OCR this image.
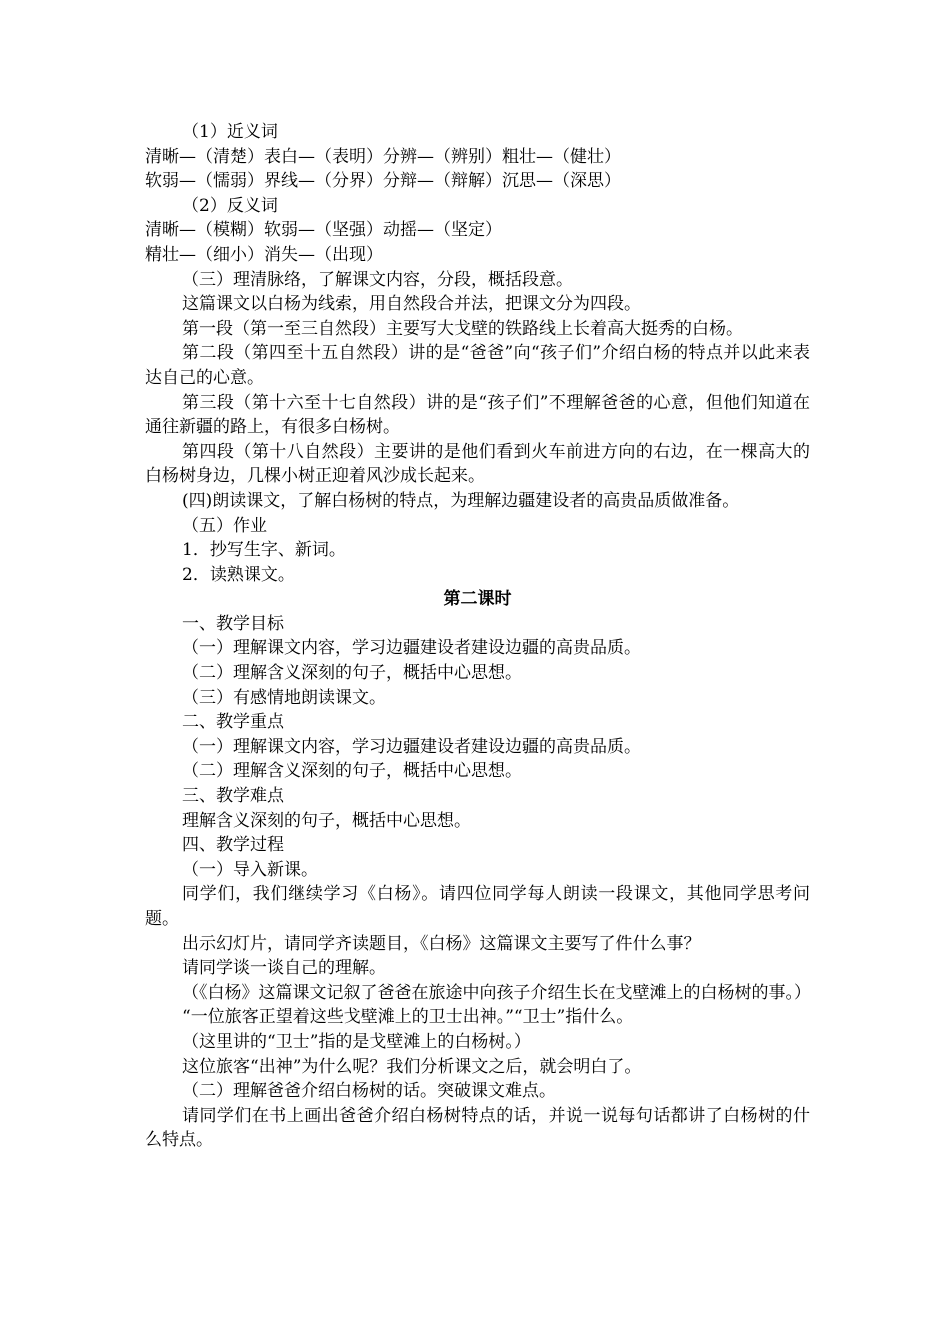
（1）近义词
清晰—（清楚）表白—（表明）分辨—（辨别）粗壮—（健壮）
软弱—（懦弱）界线—（分界）分辩—（辩解）沉思—（深思）
（2）反义词
清晰—（模糊）软弱—（坚强）动摇—（坚定）
精壮—（细小）消失—（出现）
（三）理清脉络，了解课文内容，分段，概括段意。
这篇课文以白杨为线索，用自然段合并法，把课文分为四段。
第一段（第一至三自然段）主要写大戈壁的铁路线上长着高大挺秀的白杨。
第二段（第四至十五自然段）讲的是“爸爸”向“孩子们”介绍白杨的特点并以此来表达自己的心意。
第三段（第十六至十七自然段）讲的是“孩子们”不理解爸爸的心意，但他们知道在通往新疆的路上，有很多白杨树。
第四段（第十八自然段）主要讲的是他们看到火车前进方向的右边，在一棵高大的白杨树身边，几棵小树正迎着风沙成长起来。
(四)朗读课文，了解白杨树的特点，为理解边疆建设者的高贵品质做准备。
（五）作业
1．抄写生字、新词。
2．读熟课文。
第二课时
一、教学目标
（一）理解课文内容，学习边疆建设者建设边疆的高贵品质。
（二）理解含义深刻的句子，概括中心思想。
（三）有感情地朗读课文。
二、教学重点
（一）理解课文内容，学习边疆建设者建设边疆的高贵品质。
（二）理解含义深刻的句子，概括中心思想。
三、教学难点
理解含义深刻的句子，概括中心思想。
四、教学过程
（一）导入新课。
同学们，我们继续学习《白杨》。请四位同学每人朗读一段课文，其他同学思考问题。
出示幻灯片，请同学齐读题目，《白杨》这篇课文主要写了件什么事？
请同学谈一谈自己的理解。
（《白杨》这篇课文记叙了爸爸在旅途中向孩子介绍生长在戈壁滩上的白杨树的事。）
“一位旅客正望着这些戈壁滩上的卫士出神。”“卫士”指什么。
（这里讲的“卫士”指的是戈壁滩上的白杨树。）
这位旅客“出神”为什么呢？我们分析课文之后，就会明白了。
（二）理解爸爸介绍白杨树的话。突破课文难点。
请同学们在书上画出爸爸介绍白杨树特点的话，并说一说每句话都讲了白杨树的什么特点。
